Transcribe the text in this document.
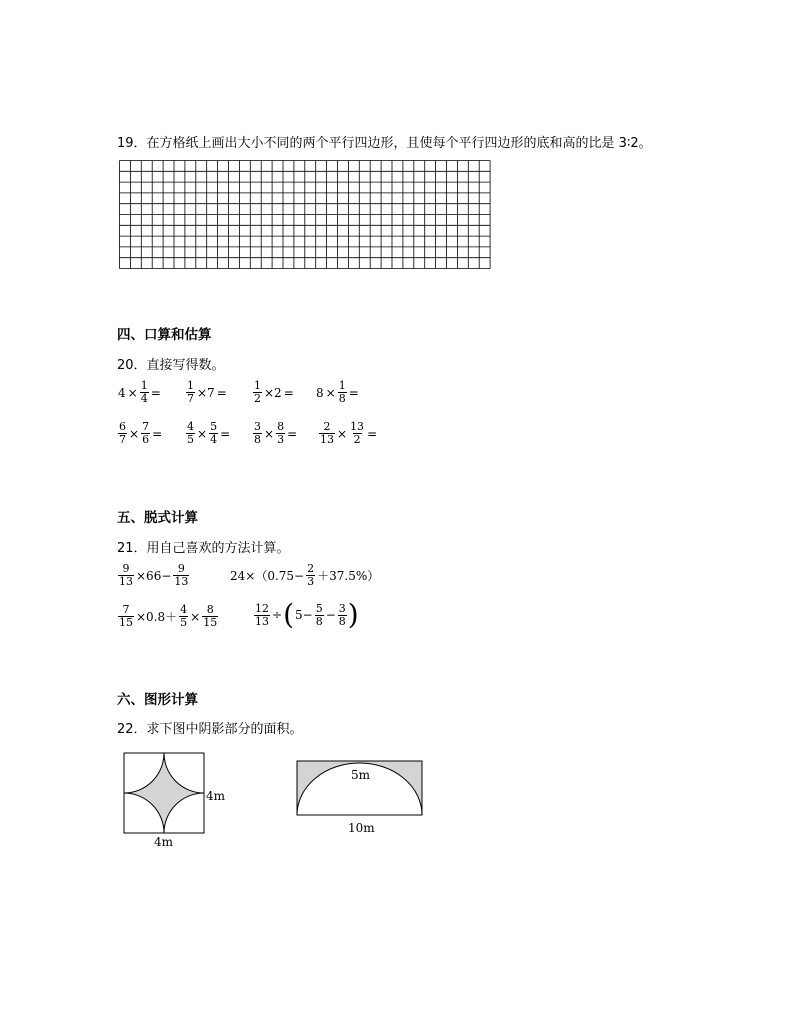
19．在方格纸上画出大小不同的两个平行四边形，且使每个平行四边形的底和高的比是 3∶2。
四、口算和估算
20．直接写得数。
$4 \times \frac{1}{4} = \frac{1}{7} \times 7 = \frac{1}{2} \times 2 = 8 \times \frac{1}{8}$ =
$\frac{6}{7} \times \frac{7}{6} = \frac{4}{5} \times \frac{5}{4} = \frac{3}{8} \times \frac{8}{3} = \frac{2}{13} \times \frac{13}{2}$ =
五、脱式计算
21．用自己喜欢的方法计算。
$\frac{9}{13} \times 66- \frac{9}{13}$	$24\times(0.75- \frac{2}{3} +37.5\%)$
$\frac{7}{15} \times 0.8+ \frac{4}{5} \times \frac{8}{15}$	$\frac{12}{13}$ ÷ ( $5- \frac{5}{8} - \frac{3}{8}$ )
六、图形计算
22．求下图中阴影部分的面积。
4m
4m
5m
10m
